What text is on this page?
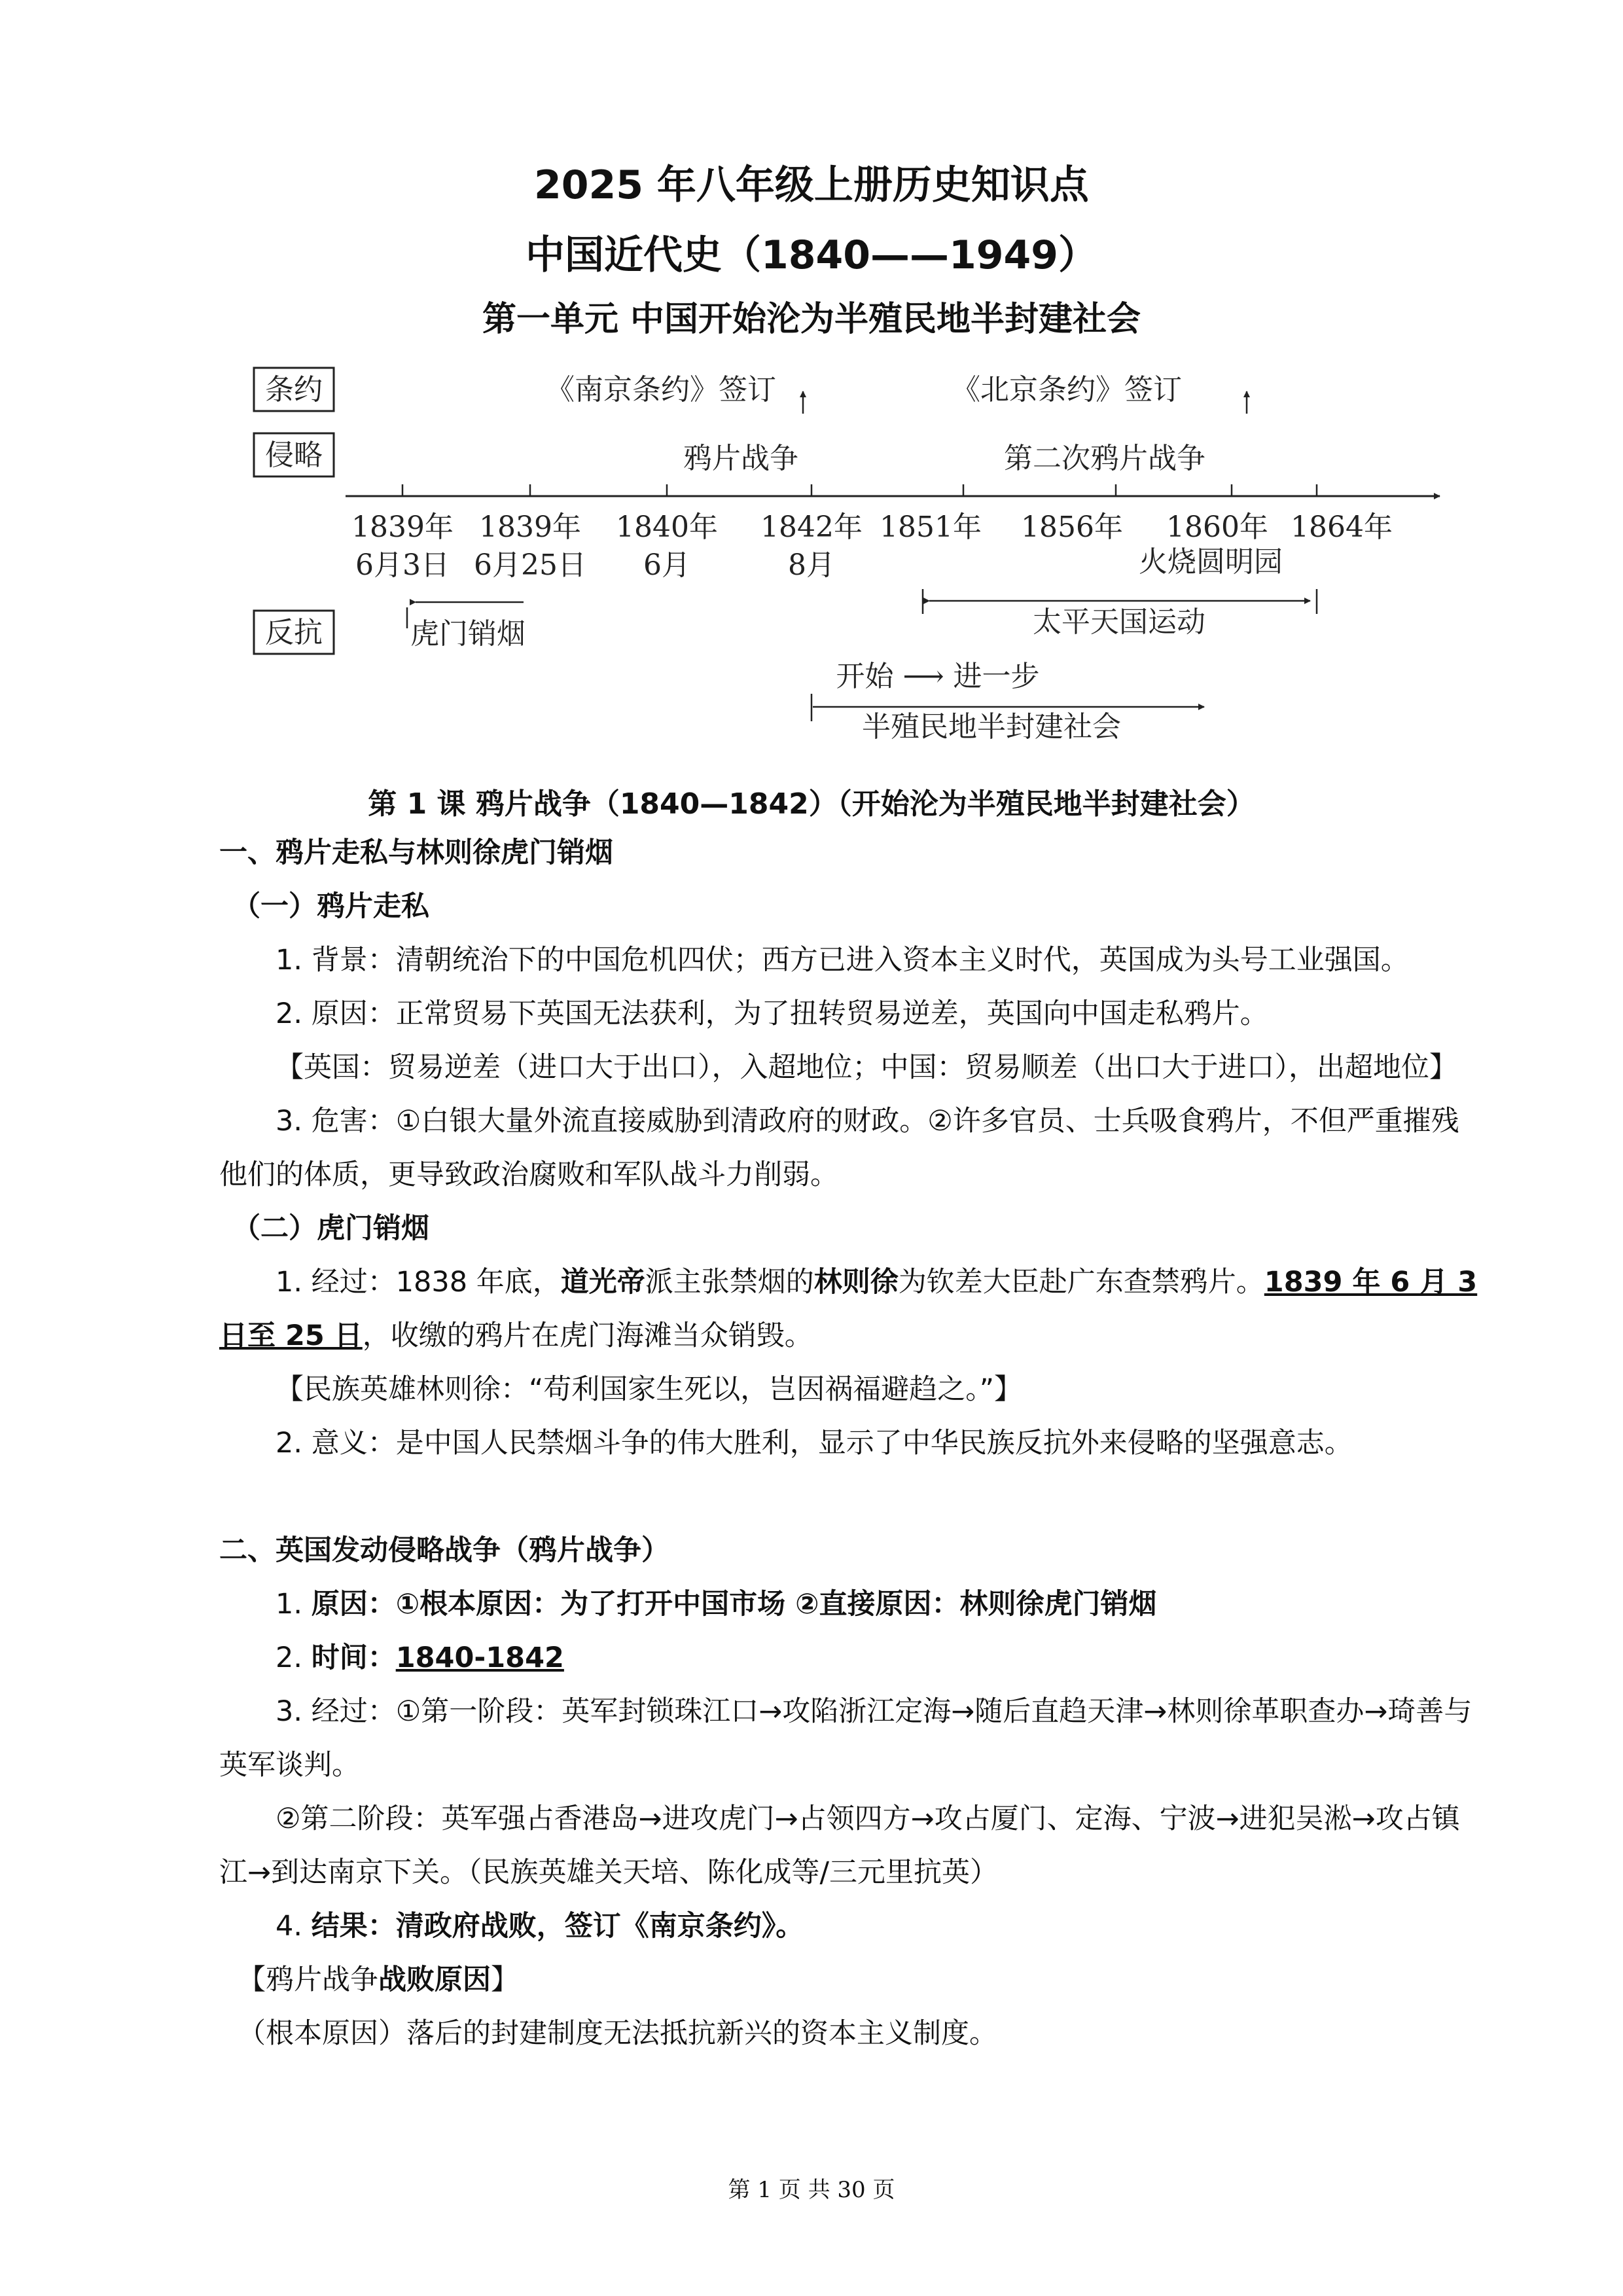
2025 年八年级上册历史知识点
中国近代史（1840——1949）
第一单元 中国开始沦为半殖民地半封建社会
条约
侵略
反抗
《南京条约》签订	《北京条约》签订
鸦片战争	第二次鸦片战争
1839年 1839年 1840年 1842年 1851年 1856年 1860年 1864年
6月3日 6月25日 6月	8月	火烧圆明园
虎门销烟	太平天国运动
开始 ⟶ 进一步
半殖民地半封建社会
第 1 课 鸦片战争（1840—1842）（开始沦为半殖民地半封建社会）

一、鸦片走私与林则徐虎门销烟

（一）鸦片走私

1. 背景：清朝统治下的中国危机四伏；西方已进入资本主义时代，英国成为头号工业强国。

2. 原因：正常贸易下英国无法获利，为了扭转贸易逆差，英国向中国走私鸦片。

【英国：贸易逆差（进口大于出口），入超地位；中国：贸易顺差（出口大于进口），出超地位】

3. 危害：①白银大量外流直接威胁到清政府的财政。②许多官员、士兵吸食鸦片，不但严重摧残他们的体质，更导致政治腐败和军队战斗力削弱。

（二）虎门销烟

1. 经过：1838 年底，道光帝派主张禁烟的林则徐为钦差大臣赴广东查禁鸦片。1839 年 6 月 3 日至 25 日，收缴的鸦片在虎门海滩当众销毁。

【民族英雄林则徐：“苟利国家生死以，岂因祸福避趋之。”】

2. 意义：是中国人民禁烟斗争的伟大胜利，显示了中华民族反抗外来侵略的坚强意志。

二、英国发动侵略战争（鸦片战争）

1. 原因：①根本原因：为了打开中国市场 ②直接原因：林则徐虎门销烟

2. 时间：1840-1842

3. 经过：①第一阶段：英军封锁珠江口→攻陷浙江定海→随后直趋天津→林则徐革职查办→琦善与英军谈判。

②第二阶段：英军强占香港岛→进攻虎门→占领四方→攻占厦门、定海、宁波→进犯吴淞→攻占镇江→到达南京下关。（民族英雄关天培、陈化成等/三元里抗英）

4. 结果：清政府战败，签订《南京条约》。

【鸦片战争战败原因】

（根本原因）落后的封建制度无法抵抗新兴的资本主义制度。

第 1 页 共 30 页
